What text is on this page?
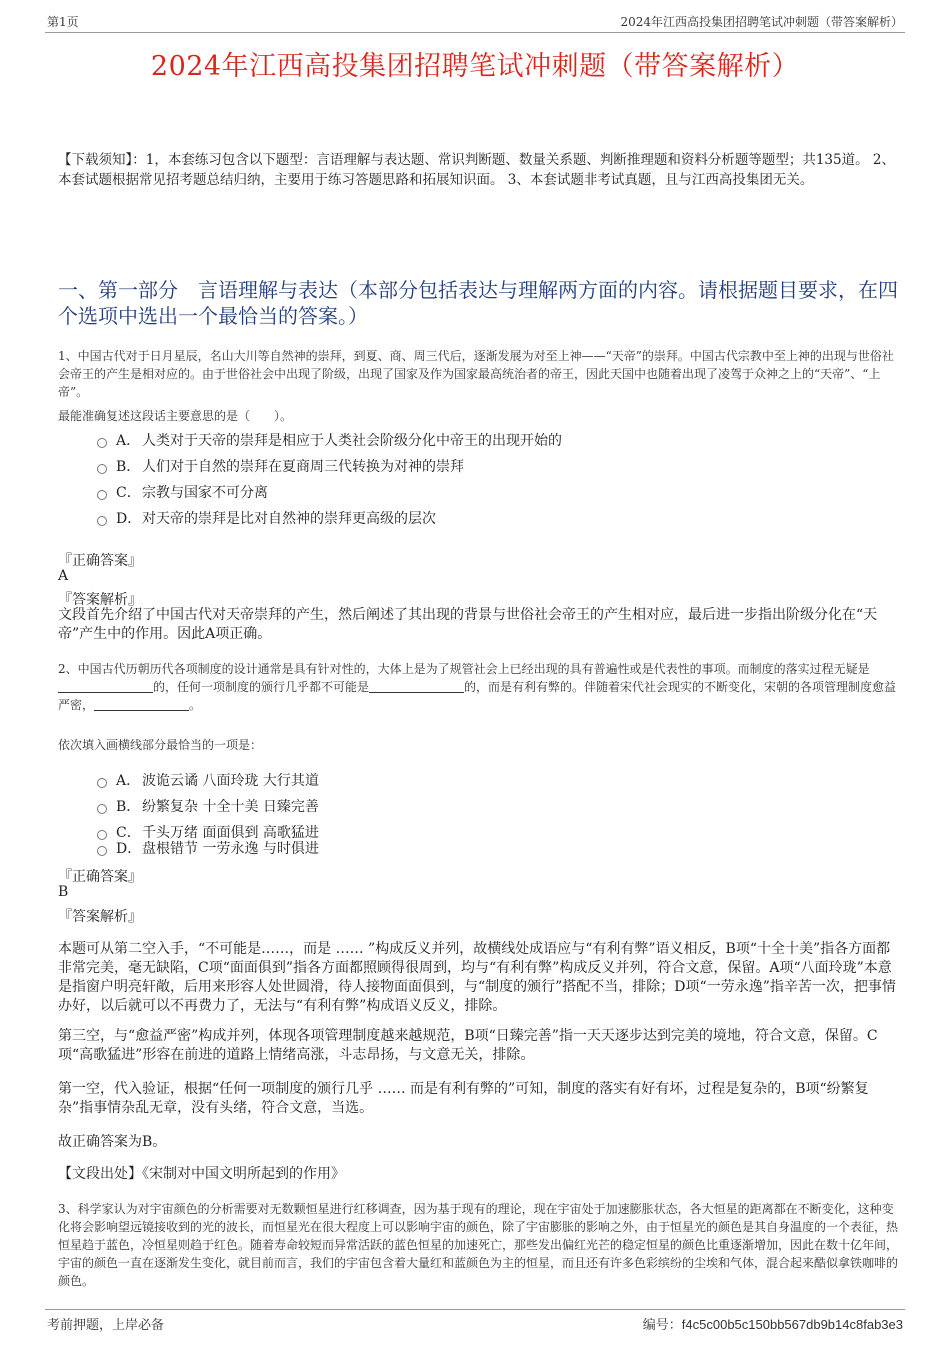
第1页	2024年江西高投集团招聘笔试冲刺题（带答案解析）
2024年江西高投集团招聘笔试冲刺题（带答案解析）
【下载须知】：1，本套练习包含以下题型：言语理解与表达题、常识判断题、数量关系题、判断推理题和资料分析题等题型；共135道。 2、本套试题根据常见招考题总结归纳，主要用于练习答题思路和拓展知识面。 3、本套试题非考试真题，且与江西高投集团无关。
一、第一部分　言语理解与表达（本部分包括表达与理解两方面的内容。请根据题目要求，在四个选项中选出一个最恰当的答案。）
1、中国古代对于日月星辰，名山大川等自然神的崇拜，到夏、商、周三代后，逐渐发展为对至上神——“天帝”的崇拜。中国古代宗教中至上神的出现与世俗社会帝王的产生是相对应的。由于世俗社会中出现了阶级，出现了国家及作为国家最高统治者的帝王，因此天国中也随着出现了凌驾于众神之上的“天帝”、“上帝”。
最能准确复述这段话主要意思的是（　　）。
A． 人类对于天帝的崇拜是相应于人类社会阶级分化中帝王的出现开始的
B． 人们对于自然的崇拜在夏商周三代转换为对神的崇拜
C． 宗教与国家不可分离
D． 对天帝的崇拜是比对自然神的崇拜更高级的层次
『正确答案』
A
『答案解析』
文段首先介绍了中国古代对天帝崇拜的产生，然后阐述了其出现的背景与世俗社会帝王的产生相对应，最后进一步指出阶级分化在“天帝”产生中的作用。因此A项正确。
2、中国古代历朝历代各项制度的设计通常是具有针对性的，大体上是为了规管社会上已经出现的具有普遍性或是代表性的事项。而制度的落实过程无疑是的，任何一项制度的颁行几乎都不可能是	的，而是有利有弊的。伴随着宋代社会现实的不断变化，宋朝的各项管理制度愈益严密，	。
依次填入画横线部分最恰当的一项是：
A． 波诡云谲 八面玲珑 大行其道
B． 纷繁复杂 十全十美 日臻完善
C． 千头万绪 面面俱到 高歌猛进
D． 盘根错节 一劳永逸 与时俱进
『正确答案』
B
『答案解析』
本题可从第二空入手，“不可能是……，而是 …… ”构成反义并列，故横线处成语应与“有利有弊”语义相反，B项“十全十美”指各方面都非常完美，毫无缺陷，C项“面面俱到”指各方面都照顾得很周到，均与“有利有弊”构成反义并列，符合文意，保留。A项“八面玲珑”本意是指窗户明亮轩敞，后用来形容人处世圆滑，待人接物面面俱到，与“制度的颁行”搭配不当，排除；D项“一劳永逸”指辛苦一次，把事情办好，以后就可以不再费力了，无法与“有利有弊”构成语义反义，排除。
第三空，与“愈益严密”构成并列，体现各项管理制度越来越规范，B项“日臻完善”指一天天逐步达到完美的境地，符合文意，保留。C项“高歌猛进”形容在前进的道路上情绪高涨，斗志昂扬，与文意无关，排除。
第一空，代入验证，根据“任何一项制度的颁行几乎 …… 而是有利有弊的”可知，制度的落实有好有坏，过程是复杂的，B项“纷繁复杂”指事情杂乱无章，没有头绪，符合文意，当选。
故正确答案为B。
【文段出处】《宋制对中国文明所起到的作用》
3、科学家认为对宇宙颜色的分析需要对无数颗恒星进行红移调查，因为基于现有的理论，现在宇宙处于加速膨胀状态，各大恒星的距离都在不断变化，这种变化将会影响望远镜接收到的光的波长，而恒星光在很大程度上可以影响宇宙的颜色，除了宇宙膨胀的影响之外，由于恒星光的颜色是其自身温度的一个表征，热恒星趋于蓝色，冷恒星则趋于红色。随着寿命较短而异常活跃的蓝色恒星的加速死亡，那些发出偏红光芒的稳定恒星的颜色比重逐渐增加，因此在数十亿年间，宇宙的颜色一直在逐渐发生变化，就目前而言，我们的宇宙包含着大量红和蓝颜色为主的恒星，而且还有许多色彩缤纷的尘埃和气体，混合起来酷似拿铁咖啡的颜色。
考前押题，上岸必备	编号：f4c5c00b5c150bb567db9b14c8fab3e3
